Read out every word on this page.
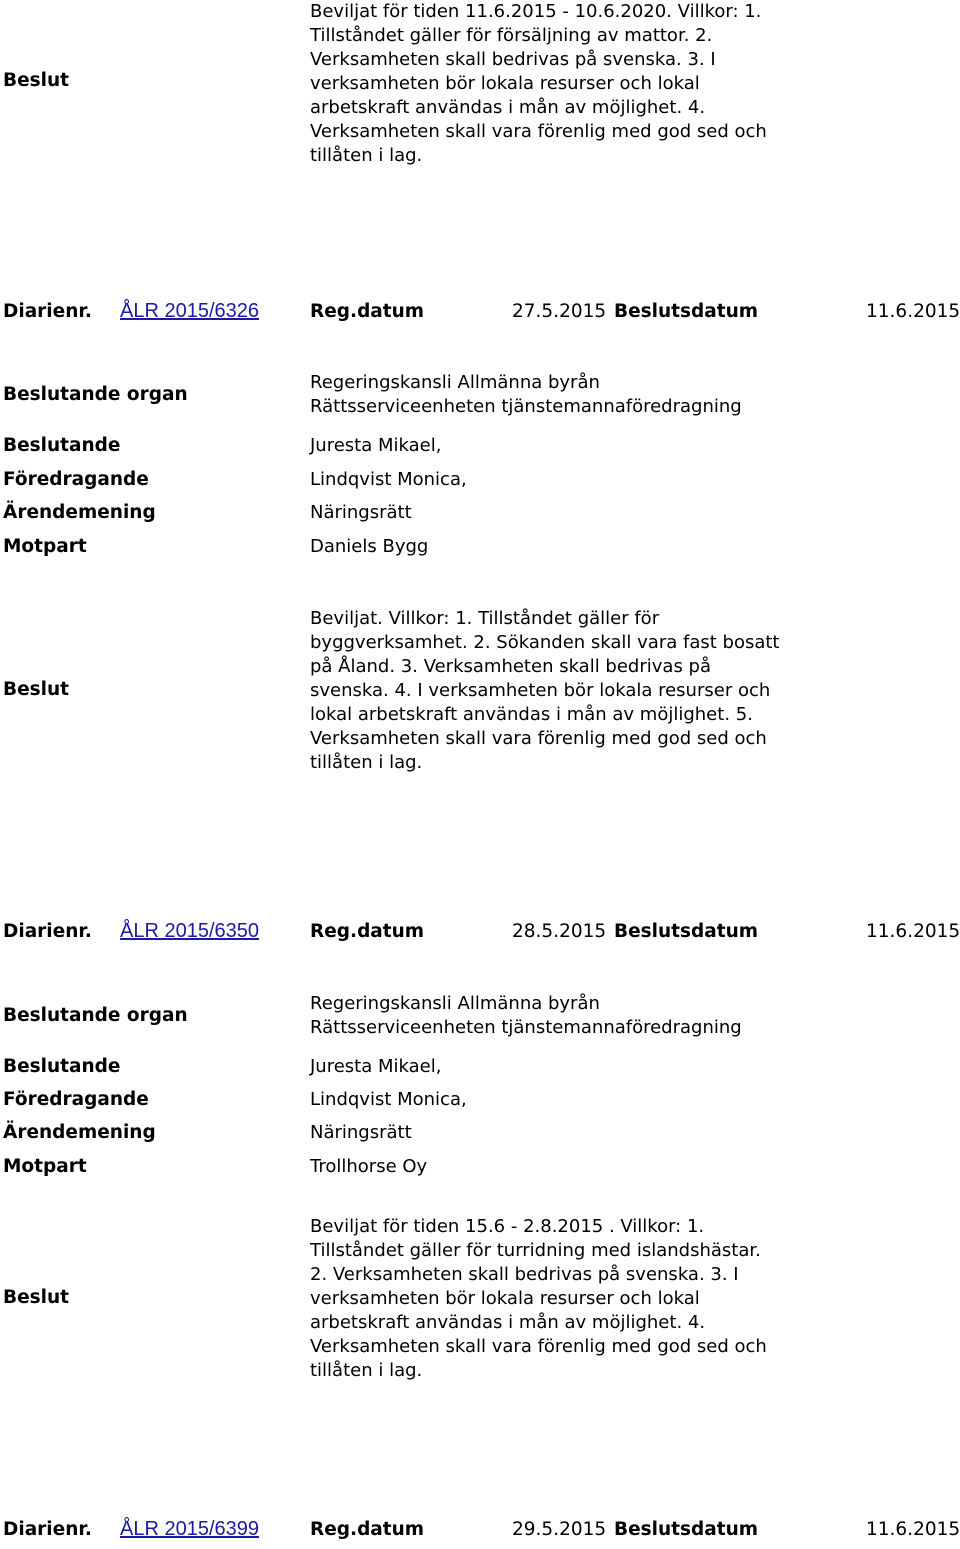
Beslut
Beviljat för tiden 11.6.2015 - 10.6.2020. Villkor: 1.
Tillståndet gäller för försäljning av mattor. 2.
Verksamheten skall bedrivas på svenska. 3. I
verksamheten bör lokala resurser och lokal
arbetskraft användas i mån av möjlighet. 4.
Verksamheten skall vara förenlig med god sed och
tillåten i lag.
Diarienr. ÅLR 2015/6326	Reg.datum	27.5.2015 Beslutsdatum	11.6.2015
Beslutande organ
Regeringskansli Allmänna byrån
Rättsserviceenheten tjänstemannaföredragning
Beslutande	Juresta Mikael,
Föredragande	Lindqvist Monica,
Ärendemening	Näringsrätt
Motpart	Daniels Bygg
Beslut
Beviljat. Villkor: 1. Tillståndet gäller för
byggverksamhet. 2. Sökanden skall vara fast bosatt
på Åland. 3. Verksamheten skall bedrivas på
svenska. 4. I verksamheten bör lokala resurser och
lokal arbetskraft användas i mån av möjlighet. 5.
Verksamheten skall vara förenlig med god sed och
tillåten i lag.
Diarienr. ÅLR 2015/6350	Reg.datum	28.5.2015 Beslutsdatum	11.6.2015
Beslutande organ
Regeringskansli Allmänna byrån
Rättsserviceenheten tjänstemannaföredragning
Beslutande	Juresta Mikael,
Föredragande	Lindqvist Monica,
Ärendemening	Näringsrätt
Motpart	Trollhorse Oy
Beslut
Beviljat för tiden 15.6 - 2.8.2015 . Villkor: 1.
Tillståndet gäller för turridning med islandshästar.
2. Verksamheten skall bedrivas på svenska. 3. I
verksamheten bör lokala resurser och lokal
arbetskraft användas i mån av möjlighet. 4.
Verksamheten skall vara förenlig med god sed och
tillåten i lag.
Diarienr. ÅLR 2015/6399	Reg.datum	29.5.2015 Beslutsdatum	11.6.2015
